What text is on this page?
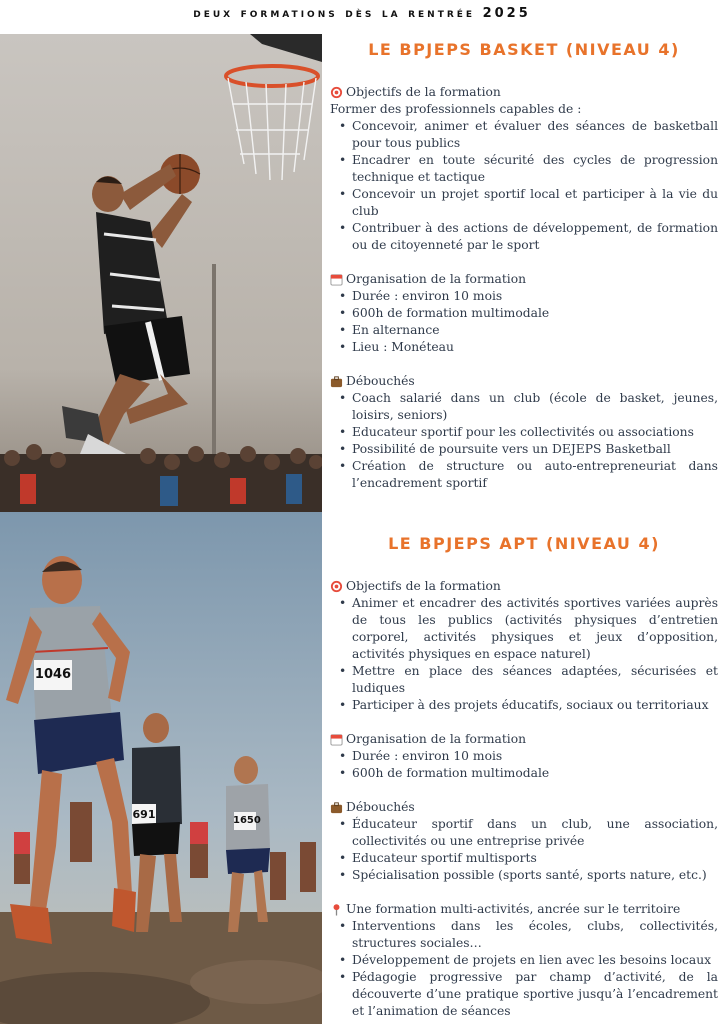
deux formations dès la rentrée 2025
1046
691	1650
LE BPJEPS BASKET (NIVEAU 4)
Objectifs de la formation
Former des professionnels capables de :
• Concevoir, animer et évaluer des séances de basketball pour tous publics
• Encadrer en toute sécurité des cycles de progression technique et tactique
• Concevoir un projet sportif local et participer à la vie du club
• Contribuer à des actions de développement, de formation ou de citoyenneté par le sport
Organisation de la formation
• Durée : environ 10 mois
• 600h de formation multimodale
• En alternance
• Lieu : Monéteau
Débouchés
• Coach salarié dans un club (école de basket, jeunes, loisirs, seniors)
• Educateur sportif pour les collectivités ou associations
• Possibilité de poursuite vers un DEJEPS Basketball
• Création de structure ou auto-entrepreneuriat dans l’encadrement sportif
LE BPJEPS APT (NIVEAU 4)
Objectifs de la formation
• Animer et encadrer des activités sportives variées auprès de tous les publics (activités physiques d’entretien corporel, activités physiques et jeux d’opposition, activités physiques en espace naturel)
• Mettre en place des séances adaptées, sécurisées et ludiques
• Participer à des projets éducatifs, sociaux ou territoriaux
Organisation de la formation
• Durée : environ 10 mois
• 600h de formation multimodale
Débouchés
• Éducateur sportif dans un club, une association, collectivités ou une entreprise privée
• Educateur sportif multisports
• Spécialisation possible (sports santé, sports nature, etc.)
Une formation multi-activités, ancrée sur le territoire
• Interventions dans les écoles, clubs, collectivités, structures sociales…
• Développement de projets en lien avec les besoins locaux
• Pédagogie progressive par champ d’activité, de la découverte d’une pratique sportive jusqu’à l’encadrement et l’animation de séances
